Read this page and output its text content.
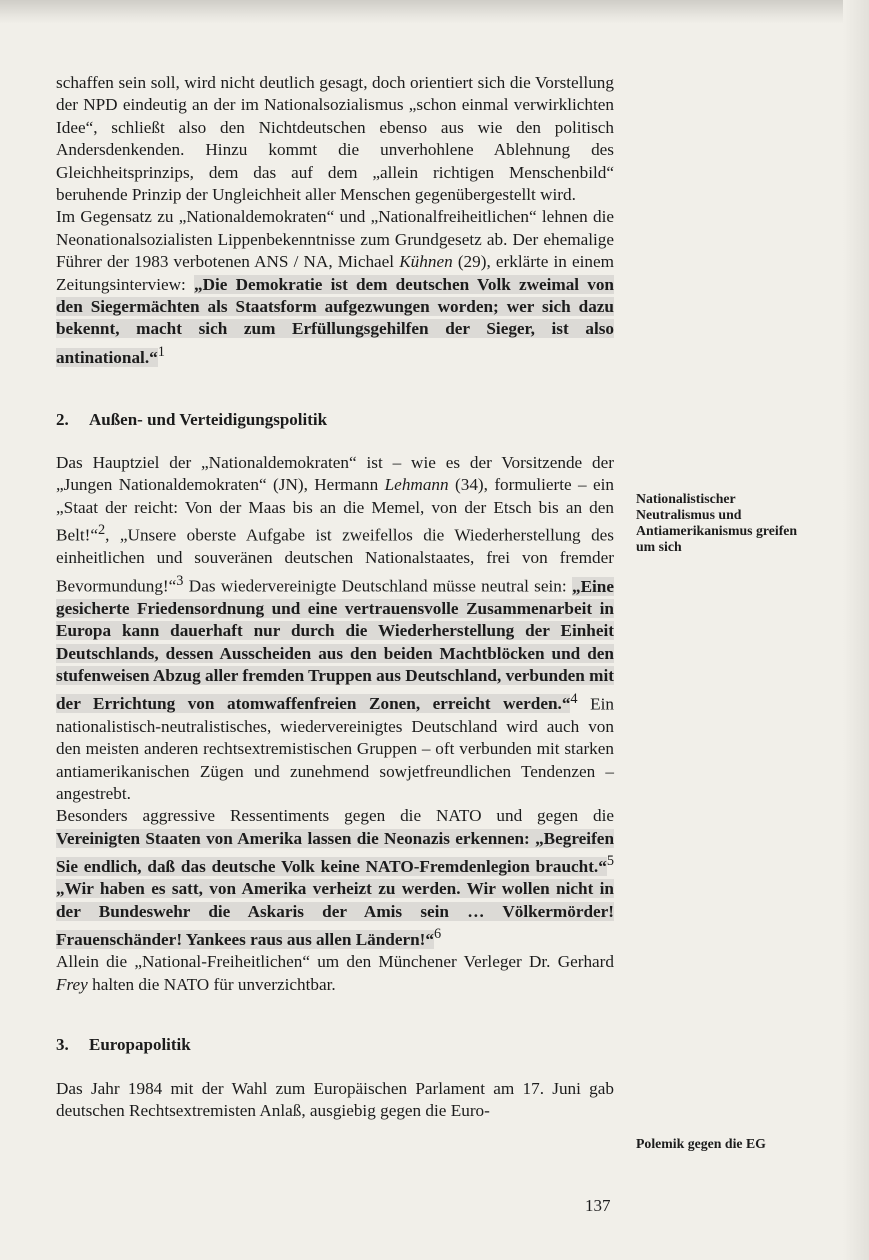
schaffen sein soll, wird nicht deutlich gesagt, doch orientiert sich die Vorstellung der NPD eindeutig an der im Nationalsozialismus „schon einmal verwirklichten Idee“, schließt also den Nichtdeutschen ebenso aus wie den politisch Andersdenkenden. Hinzu kommt die unverhohlene Ablehnung des Gleichheitsprinzips, dem das auf dem „allein richtigen Menschenbild“ beruhende Prinzip der Ungleichheit aller Menschen gegenübergestellt wird.

Im Gegensatz zu „Nationaldemokraten“ und „Nationalfreiheitlichen“ lehnen die Neonationalsozialisten Lippenbekenntnisse zum Grundgesetz ab. Der ehemalige Führer der 1983 verbotenen ANS / NA, Michael Kühnen (29), erklärte in einem Zeitungsinterview: „Die Demokratie ist dem deutschen Volk zweimal von den Siegermächten als Staatsform aufgezwungen worden; wer sich dazu bekennt, macht sich zum Erfüllungsgehilfen der Sieger, ist also antinational.“$^1$

2. Außen- und Verteidigungspolitik

Das Hauptziel der „Nationaldemokraten“ ist – wie es der Vorsitzende der „Jungen Nationaldemokraten“ (JN), Hermann Lehmann (34), formulierte – ein „Staat der reicht: Von der Maas bis an die Memel, von der Etsch bis an den Belt!“$^2$, „Unsere oberste Aufgabe ist zweifellos die Wiederherstellung des einheitlichen und souveränen deutschen Nationalstaates, frei von fremder Bevormundung!“$^3$ Das wiedervereinigte Deutschland müsse neutral sein: „Eine gesicherte Friedensordnung und eine vertrauensvolle Zusammenarbeit in Europa kann dauerhaft nur durch die Wiederherstellung der Einheit Deutschlands, dessen Ausscheiden aus den beiden Machtblöcken und den stufenweisen Abzug aller fremden Truppen aus Deutschland, verbunden mit der Errichtung von atomwaffenfreien Zonen, erreicht werden.“$^4$ Ein nationalistisch-neutralistisches, wiedervereinigtes Deutschland wird auch von den meisten anderen rechtsextremistischen Gruppen – oft verbunden mit starken antiamerikanischen Zügen und zunehmend sowjetfreundlichen Tendenzen – angestrebt.

Besonders aggressive Ressentiments gegen die NATO und gegen die Vereinigten Staaten von Amerika lassen die Neonazis erkennen: „Begreifen Sie endlich, daß das deutsche Volk keine NATO-Fremdenlegion braucht.“$^5$ „Wir haben es satt, von Amerika verheizt zu werden. Wir wollen nicht in der Bundeswehr die Askaris der Amis sein … Völkermörder! Frauenschänder! Yankees raus aus allen Ländern!“$^6$

Allein die „National-Freiheitlichen“ um den Münchener Verleger Dr. Gerhard Frey halten die NATO für unverzichtbar.

3. Europapolitik

Das Jahr 1984 mit der Wahl zum Europäischen Parlament am 17. Juni gab deutschen Rechtsextremisten Anlaß, ausgiebig gegen die Euro-

Nationalistischer Neutralismus und Antiamerikanismus greifen um sich
Polemik gegen die EG
137
